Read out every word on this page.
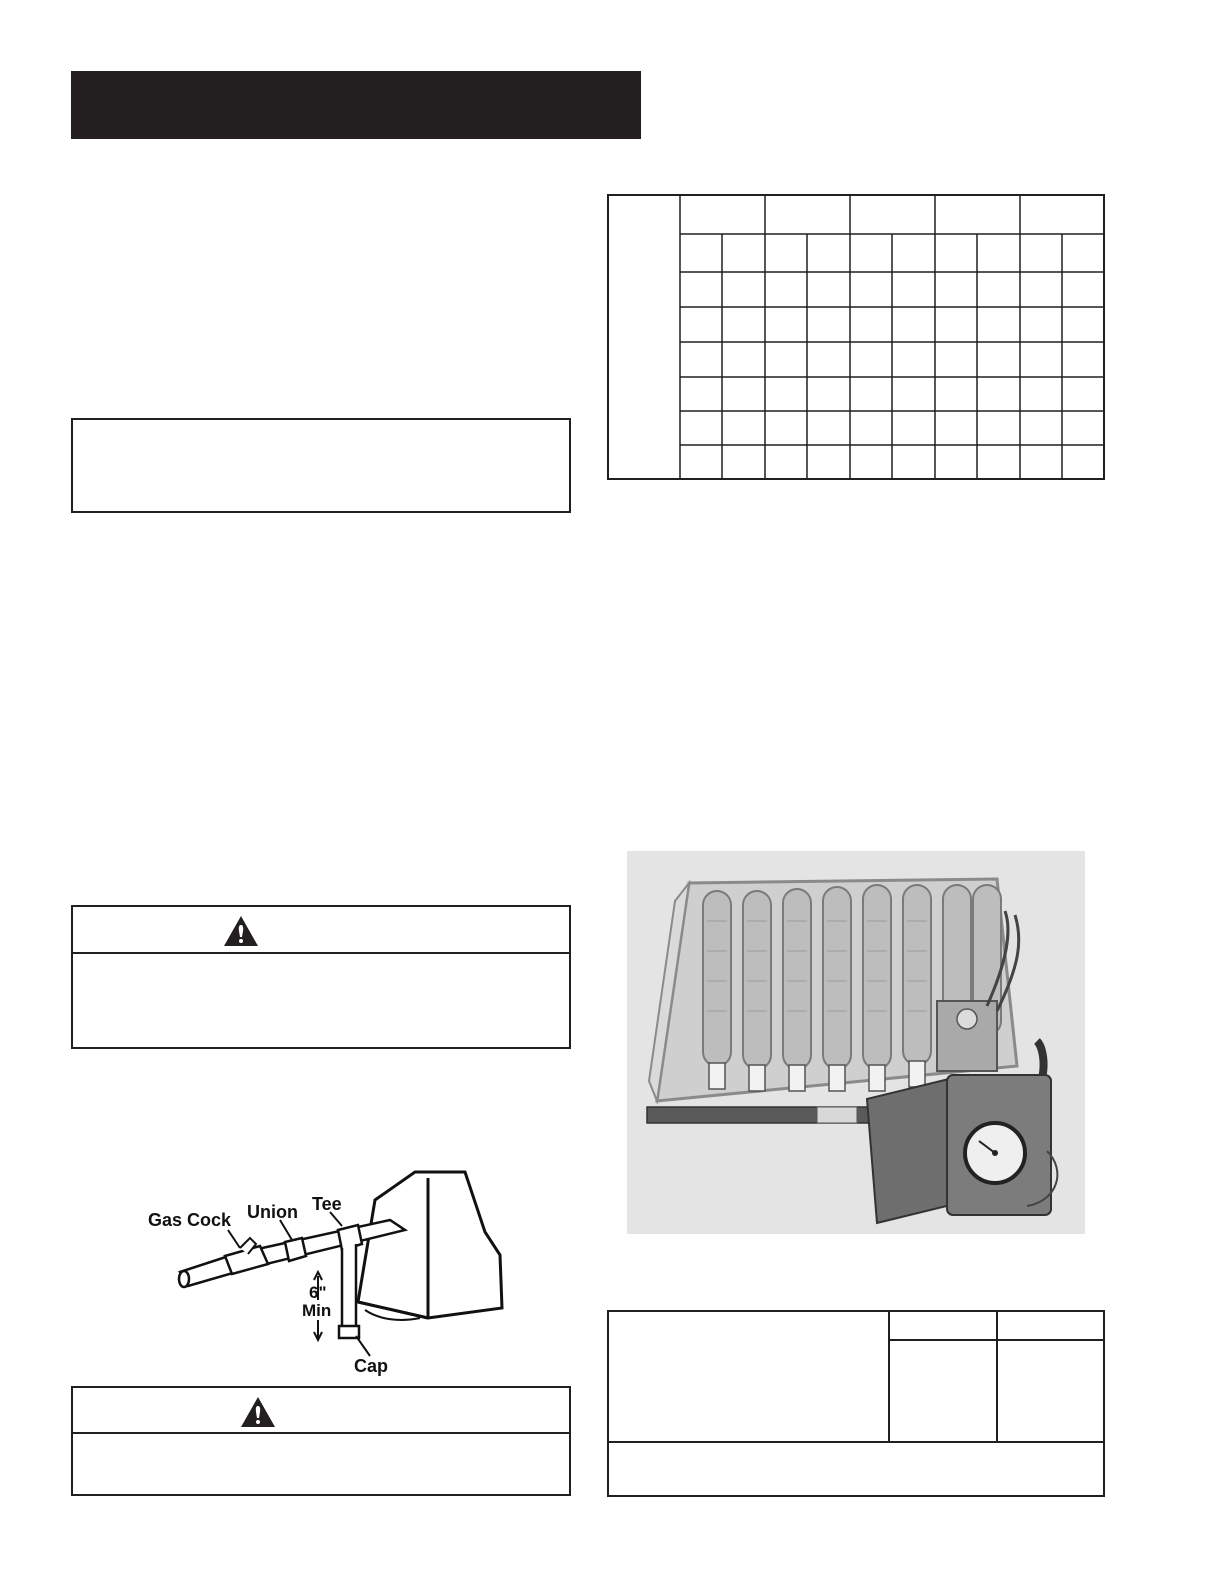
Gas Cock Union Tee
6"
Min
Cap
